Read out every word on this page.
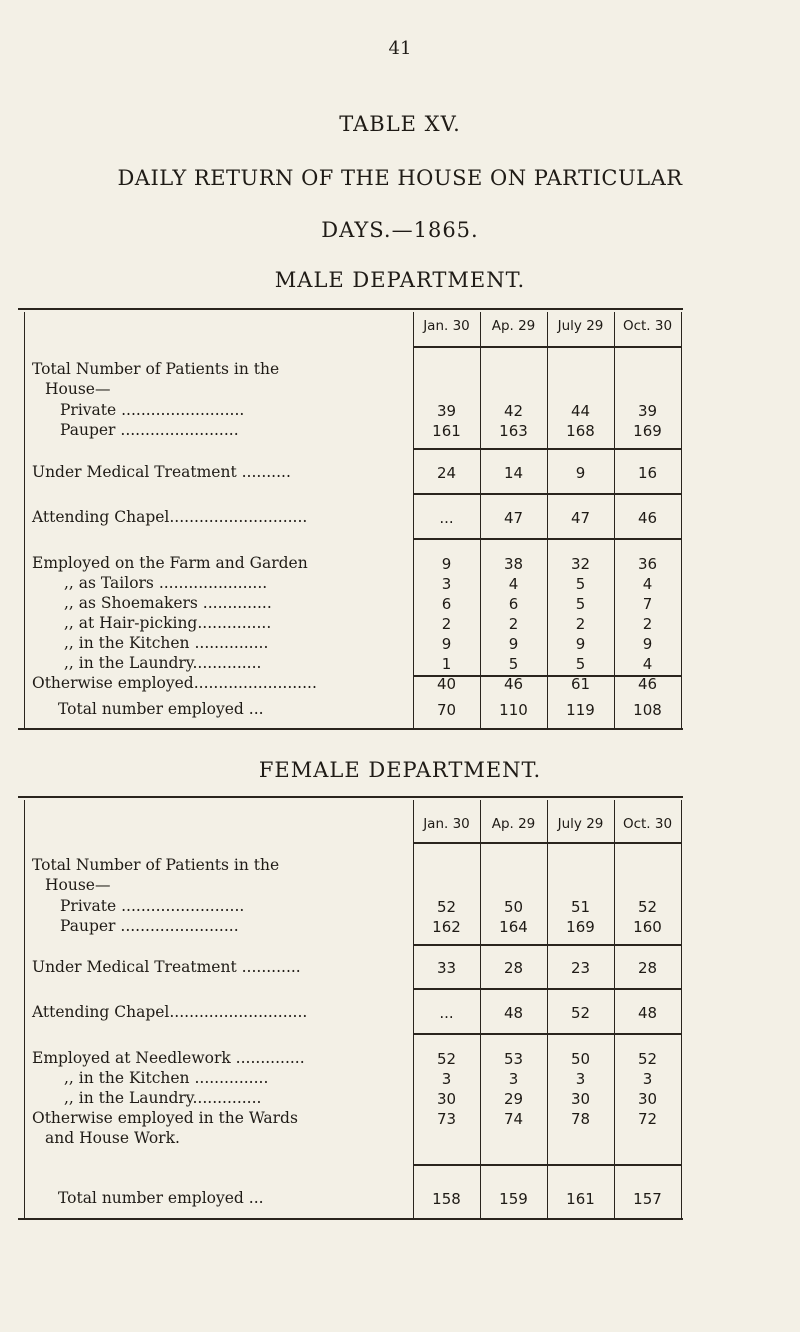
41
TABLE XV.
DAILY RETURN OF THE HOUSE ON PARTICULAR
DAYS.—1865.
MALE DEPARTMENT.
FEMALE DEPARTMENT.
Jan. 30	Ap. 29	July 29	Oct. 30
Total Number of Patients in the
House—
Private .........................	39	42	44	39
Pauper ........................	161	163	168	169
Under Medical Treatment ..........	24	14	9	16
Attending Chapel............................	...	47	47	46
Employed on the Farm and Garden	9	38	32	36
,, as Tailors ......................	3	4	5	4
,, as Shoemakers ..............	6	6	5	7
,, at Hair-picking...............	2	2	2	2
,, in the Kitchen ...............	9	9	9	9
,, in the Laundry..............	1	5	5	4
Otherwise employed.........................	40	46	61	46
Total number employed ...	70	110	119	108
Jan. 30	Ap. 29	July 29	Oct. 30
Total Number of Patients in the
House—
Private .........................	52	50	51	52
Pauper ........................	162	164	169	160
Under Medical Treatment ............	33	28	23	28
Attending Chapel............................	...	48	52	48
Employed at Needlework ..............	52	53	50	52
,, in the Kitchen ...............	3	3	3	3
,, in the Laundry..............	30	29	30	30
Otherwise employed in the Wards	73	74	78	72
and House Work.
Total number employed ...	158	159	161	157
